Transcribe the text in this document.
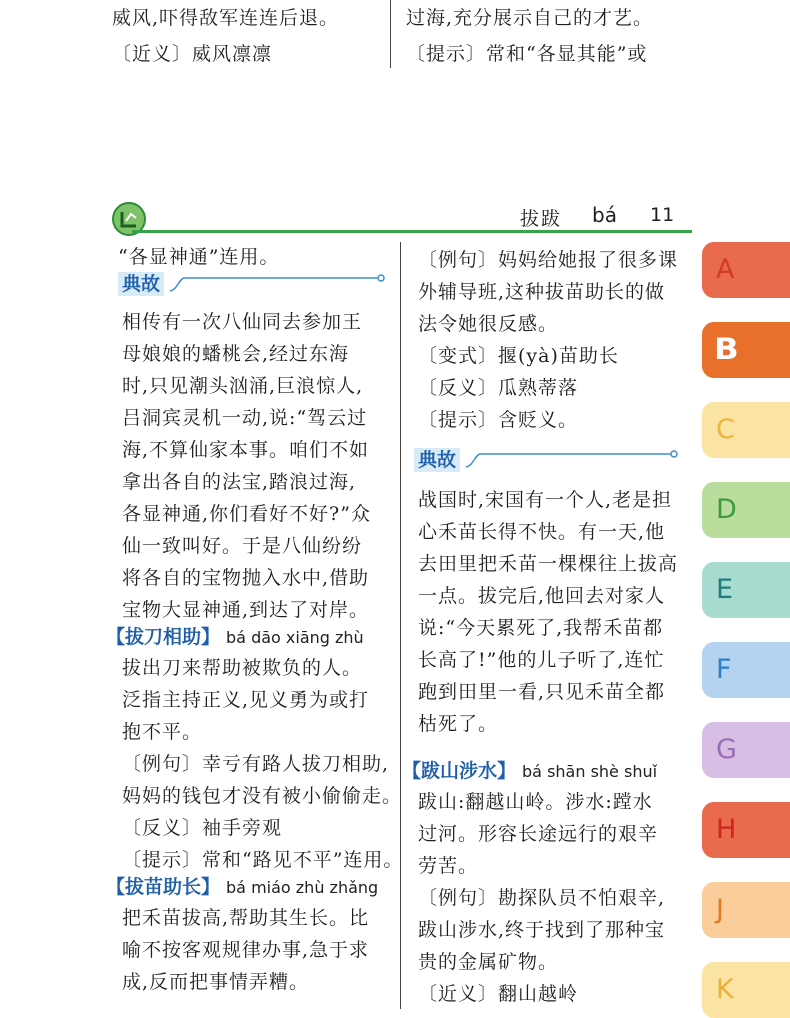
威风,吓得敌军连连后退。
〔近义〕威风凛凛
过海,充分展示自己的才艺。
〔提示〕常和“各显其能”或
拔跋 bá 11
“各显神通”连用。
典故
相传有一次八仙同去参加王
母娘娘的蟠桃会,经过东海
时,只见潮头汹涌,巨浪惊人,
吕洞宾灵机一动,说:“驾云过
海,不算仙家本事。咱们不如
拿出各自的法宝,踏浪过海,
各显神通,你们看好不好?”众
仙一致叫好。于是八仙纷纷
将各自的宝物抛入水中,借助
宝物大显神通,到达了对岸。
【拔刀相助】 bá dāo xiāng zhù
拔出刀来帮助被欺负的人。
泛指主持正义,见义勇为或打
抱不平。
〔例句〕幸亏有路人拔刀相助,
妈妈的钱包才没有被小偷偷走。
〔反义〕袖手旁观
〔提示〕常和“路见不平”连用。
【拔苗助长】 bá miáo zhù zhǎng
把禾苗拔高,帮助其生长。比
喻不按客观规律办事,急于求
成,反而把事情弄糟。
〔例句〕妈妈给她报了很多课
外辅导班,这种拔苗助长的做
法令她很反感。
〔变式〕揠(yà)苗助长
〔反义〕瓜熟蒂落
〔提示〕含贬义。
典故
战国时,宋国有一个人,老是担
心禾苗长得不快。有一天,他
去田里把禾苗一棵棵往上拔高
一点。拔完后,他回去对家人
说:“今天累死了,我帮禾苗都
长高了!”他的儿子听了,连忙
跑到田里一看,只见禾苗全都
枯死了。
【跋山涉水】 bá shān shè shuǐ
跋山:翻越山岭。涉水:蹚水
过河。形容长途远行的艰辛
劳苦。
〔例句〕勘探队员不怕艰辛,
跋山涉水,终于找到了那种宝
贵的金属矿物。
〔近义〕翻山越岭
A
B
C
D
E
F
G
H
J
K
